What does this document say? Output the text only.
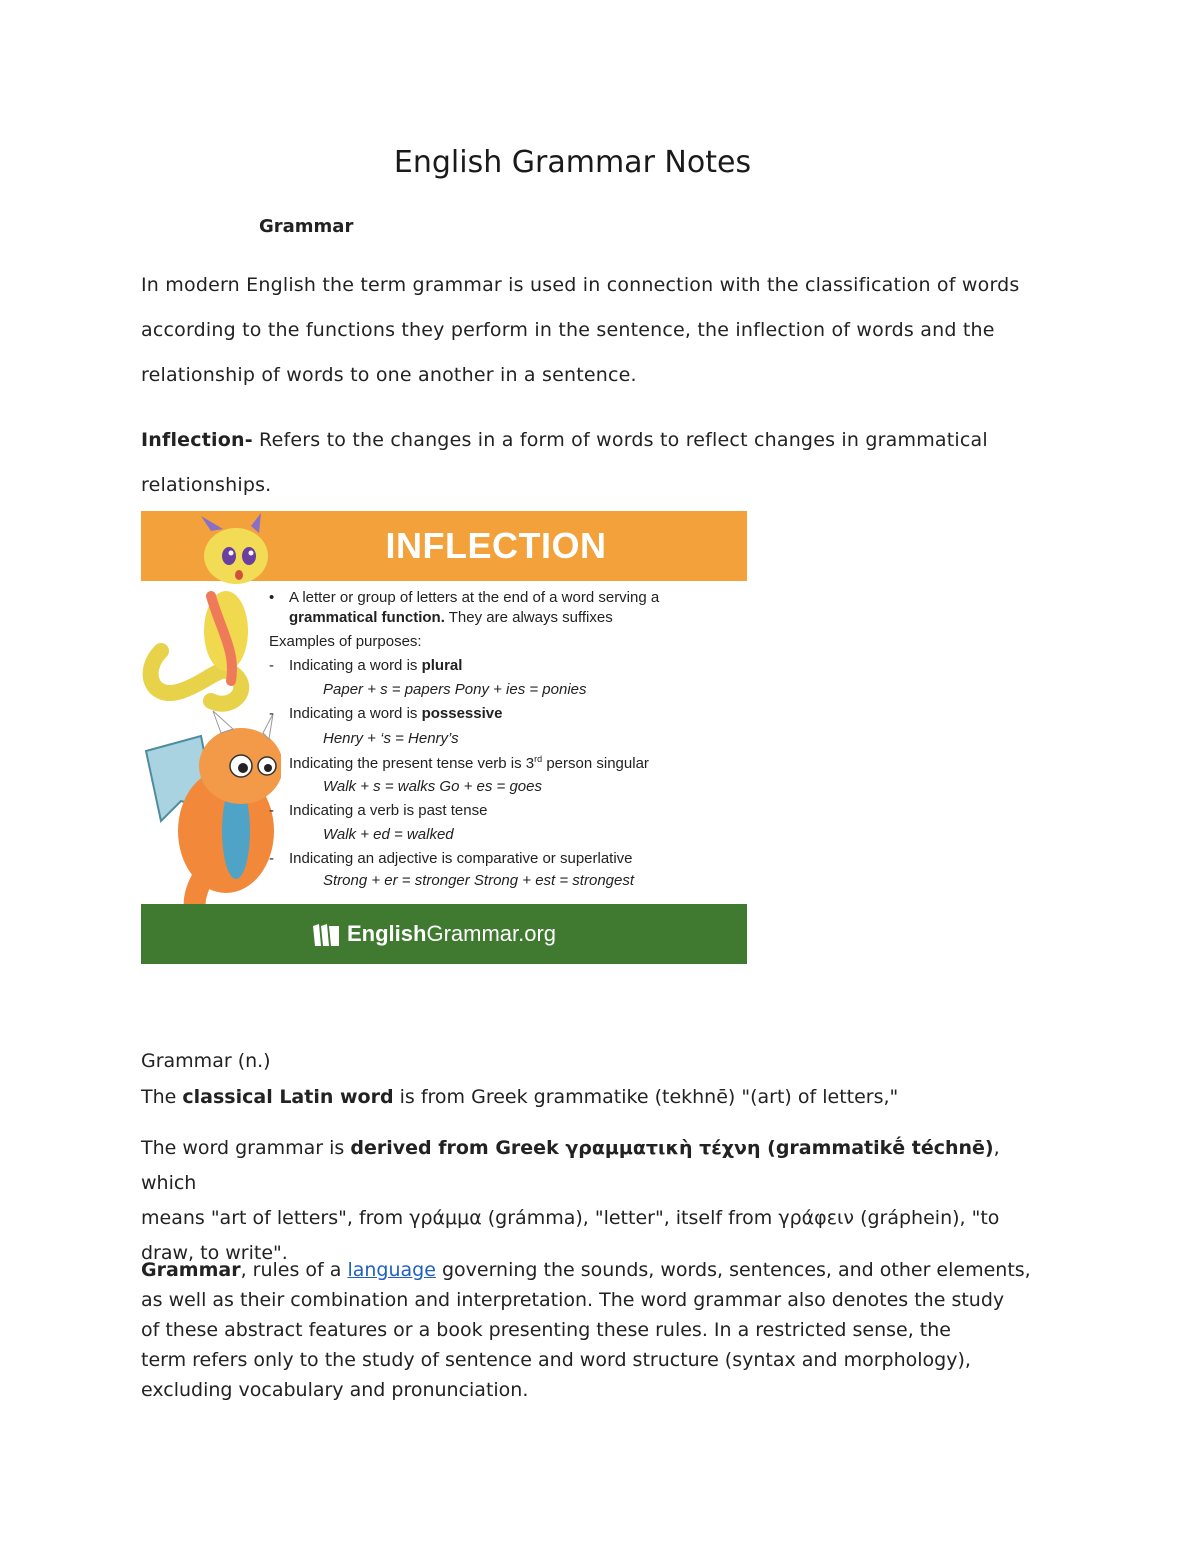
English Grammar Notes
Grammar
In modern English the term grammar is used in connection with the classification of words
according to the functions they perform in the sentence, the inflection of words and the
relationship of words to one another in a sentence.
Inflection- Refers to the changes in a form of words to reflect changes in grammatical
relationships.
INFLECTION
• A letter or group of letters at the end of a word serving a
grammatical function. They are always suffixes
Examples of purposes:
- Indicating a word is plural
Paper + s = papers Pony + ies = ponies
- Indicating a word is possessive
Henry + ‘s = Henry’s
Indicating the present tense verb is 3rd person singular
Walk + s = walks Go + es = goes
- Indicating a verb is past tense
Walk + ed = walked
- Indicating an adjective is comparative or superlative
Strong + er = stronger Strong + est = strongest
EnglishGrammar.org
Grammar (n.)
The classical Latin word is from Greek grammatike (tekhnē) "(art) of letters,"
The word grammar is derived from Greek γραμματικὴ τέχνη (grammatikḗ téchnē), which
means "art of letters", from γράμμα (grámma), "letter", itself from γράφειν (gráphein), "to
draw, to write".
Grammar, rules of a language governing the sounds, words, sentences, and other elements,
as well as their combination and interpretation. The word grammar also denotes the study
of these abstract features or a book presenting these rules. In a restricted sense, the
term refers only to the study of sentence and word structure (syntax and morphology),
excluding vocabulary and pronunciation.
